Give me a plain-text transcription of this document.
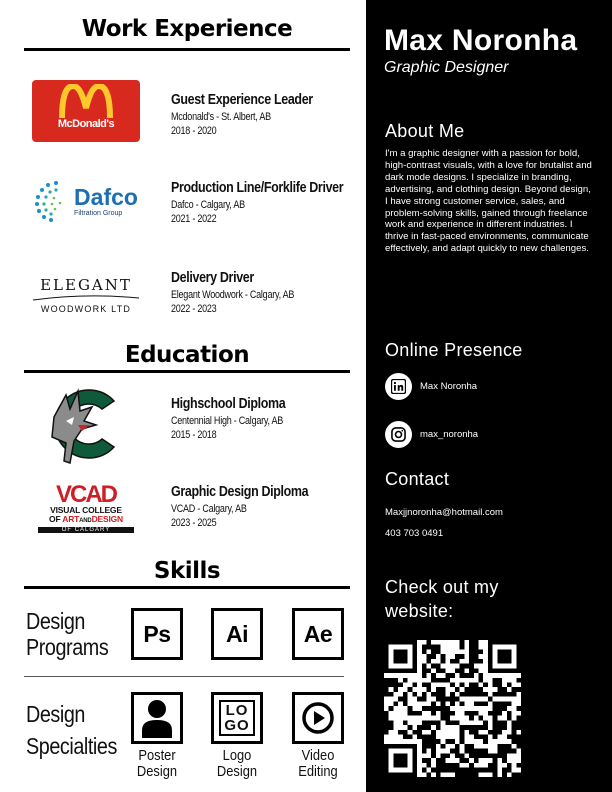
Work Experience
McDonald's
Guest Experience Leader
Mcdonald's - St. Albert, AB
2018 - 2020
Dafco
Filtration Group
Production Line/Forklife Driver
Dafco - Calgary, AB
2021 - 2022
ELEGANT
WOODWORK LTD
Delivery Driver
Elegant Woodwork - Calgary, AB
2022 - 2023
Education
Highschool Diploma
Centennial High - Calgary, AB
2015 - 2018
VCAD
VISUAL COLLEGE
OF ARTANDDESIGN
OF CALGARY
Graphic Design Diploma
VCAD - Calgary, AB
2023 - 2025
Skills
Design
Programs
Ps Ai Ae
Design
Specialties	Poster
Design
LO
GO
Logo
Design
Video
Editing
Max Noronha
Graphic Designer
About Me
I'm a graphic designer with a passion for bold, high-contrast visuals, with a love for brutalist and dark mode designs. I specialize in branding, advertising, and clothing design. Beyond design, I have strong customer service, sales, and problem-solving skills, gained through freelance work and experience in different industries. I thrive in fast-paced environments, communicate effectively, and adapt quickly to new challenges.
Online Presence
Max Noronha
max_noronha
Contact
Maxjjnoronha@hotmail.com
403 703 0491
Check out my
website:
